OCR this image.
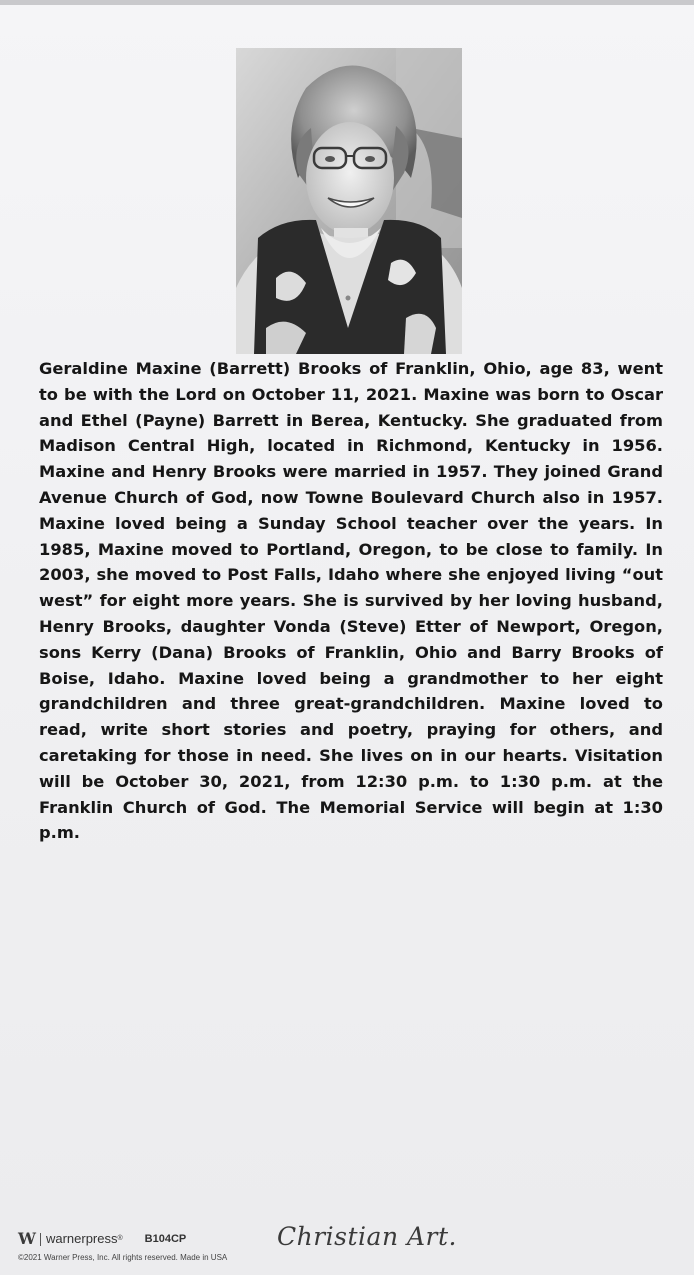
Geraldine Maxine (Barrett) Brooks of Franklin, Ohio, age 83, went to be with the Lord on October 11, 2021. Maxine was born to Oscar and Ethel (Payne) Barrett in Berea, Kentucky. She graduated from Madison Central High, located in Richmond, Kentucky in 1956. Maxine and Henry Brooks were married in 1957. They joined Grand Avenue Church of God, now Towne Boulevard Church also in 1957. Maxine loved being a Sunday School teacher over the years. In 1985, Maxine moved to Portland, Oregon, to be close to family. In 2003, she moved to Post Falls, Idaho where she enjoyed living “out west” for eight more years. She is survived by her loving husband, Henry Brooks, daughter Vonda (Steve) Etter of Newport, Oregon, sons Kerry (Dana) Brooks of Franklin, Ohio and Barry Brooks of Boise, Idaho. Maxine loved being a grandmother to her eight grandchildren and three great-grandchildren. Maxine loved to read, write short stories and poetry, praying for others, and caretaking for those in need. She lives on in our hearts. Visitation will be October 30, 2021, from 12:30 p.m. to 1:30 p.m. at the Franklin Church of God. The Memorial Service will begin at 1:30 p.m.

W warnerpress ® B104CP
©2021 Warner Press, Inc. All rights reserved. Made in USA
Christian Art.
